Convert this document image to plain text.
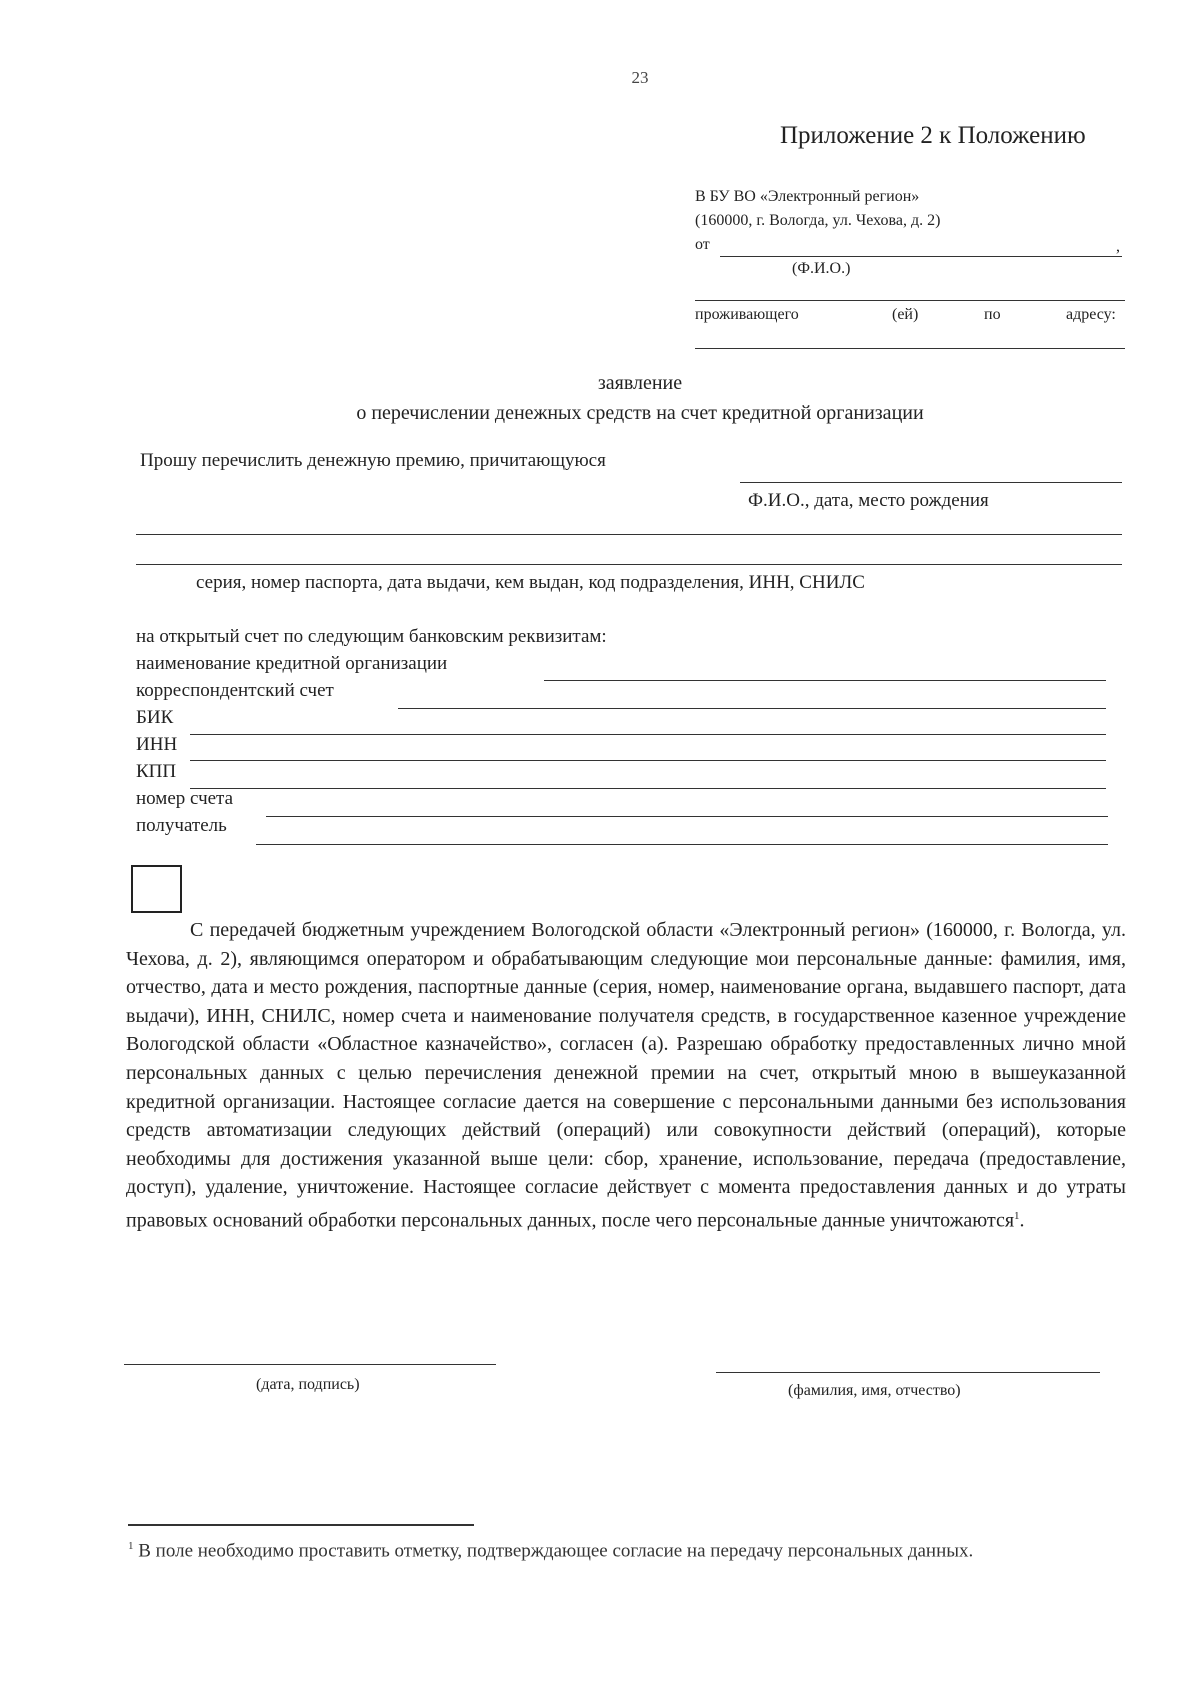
23
Приложение 2 к Положению
В БУ ВО «Электронный регион»
(160000, г. Вологда, ул. Чехова, д. 2)
от	,
(Ф.И.О.)
проживающего	(ей)	по	адресу:
заявление
о перечислении денежных средств на счет кредитной организации
Прошу перечислить денежную премию, причитающуюся
Ф.И.О., дата, место рождения
серия, номер паспорта, дата выдачи, кем выдан, код подразделения, ИНН, СНИЛС
на открытый счет по следующим банковским реквизитам:
наименование кредитной организации
корреспондентский счет
БИК
ИНН
КПП
номер счета
получатель
С передачей бюджетным учреждением Вологодской области «Электронный регион» (160000, г. Вологда, ул. Чехова, д. 2), являющимся оператором и обрабатывающим следующие мои персональные данные: фамилия, имя, отчество, дата и место рождения, паспортные данные (серия, номер, наименование органа, выдавшего паспорт, дата выдачи), ИНН, СНИЛС, номер счета и наименование получателя средств, в государственное казенное учреждение Вологодской области «Областное казначейство», согласен (а). Разрешаю обработку предоставленных лично мной персональных данных с целью перечисления денежной премии на счет, открытый мною в вышеуказанной кредитной организации. Настоящее согласие дается на совершение с персональными данными без использования средств автоматизации следующих действий (операций) или совокупности действий (операций), которые необходимы для достижения указанной выше цели: сбор, хранение, использование, передача (предоставление, доступ), удаление, уничтожение. Настоящее согласие действует с момента предоставления данных и до утраты правовых оснований обработки персональных данных, после чего персональные данные уничтожаются$^1$.
(дата, подпись)	(фамилия, имя, отчество)
$^1$ В поле необходимо проставить отметку, подтверждающее согласие на передачу персональных данных.
